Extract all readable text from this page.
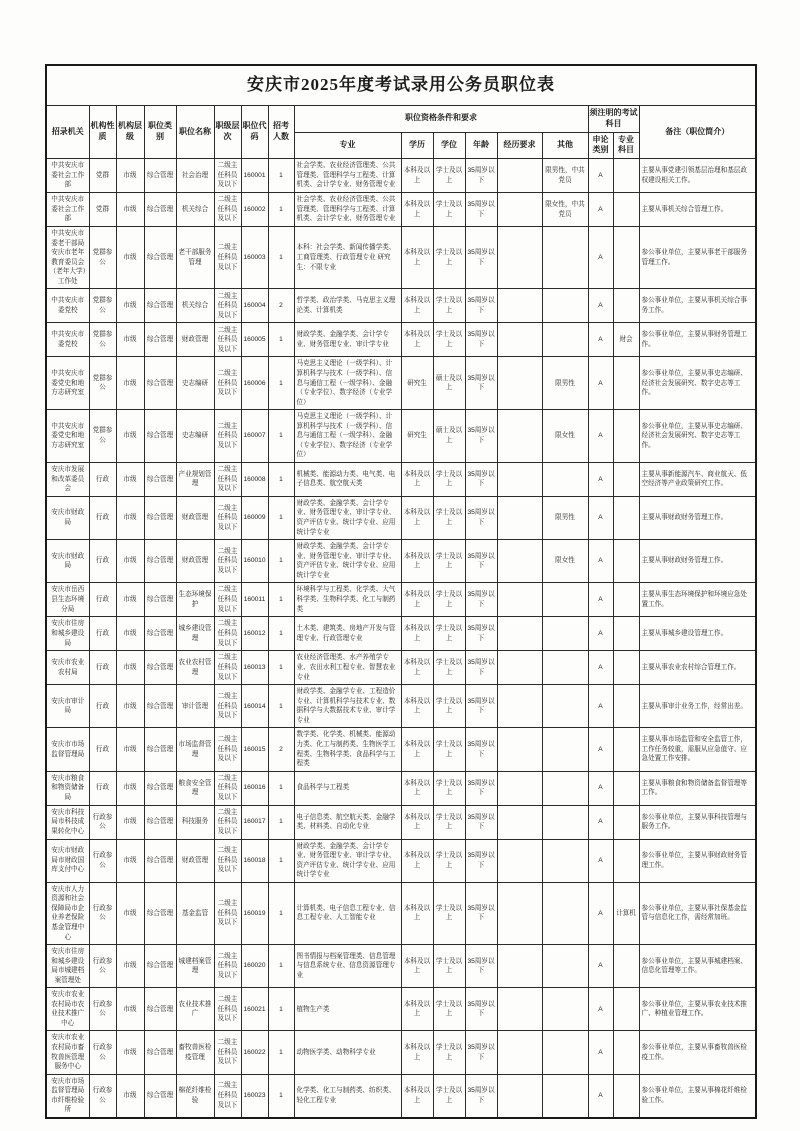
安庆市2025年度考试录用公务员职位表																
招录机关	机构性质	机构层级	职位类别	职位名称	职级层次	职位代码	招考人数	职位资格条件和要求						须注明的考试科目		备注（职位简介）
								专业	学历	学位	年龄	经历要求	其他	申论类别	专业科目	
中共安庆市委社会工作部	党群	市级	综合管理	社会治理	二级主任科员及以下	160001	1	社会学类、农业经济管理类、公共管理类、管理科学与工程类、计算机类、会计学专业、财务管理专业	本科及以上	学士及以上	35周岁以下		限男性，中共党员	A		主要从事党建引领基层治理和基层政权建设相关工作。
中共安庆市委社会工作部	党群	市级	综合管理	机关综合	二级主任科员及以下	160002	1	社会学类、农业经济管理类、公共管理类、管理科学与工程类、计算机类、会计学专业、财务管理专业	本科及以上	学士及以上	35周岁以下		限女性，中共党员	A		主要从事机关综合管理工作。
中共安庆市委老干部局安庆市老年教育委员会（老年大学）工作处	党群参公	市级	综合管理	老干部服务管理	二级主任科员及以下	160003	1	本科：社会学类、新闻传播学类、工商管理类、行政管理专业 研究生：不限专业	本科及以上	学士及以上	35周岁以下			A		参公事业单位，主要从事老干部服务管理工作。
中共安庆市委党校	党群参公	市级	综合管理	机关综合	二级主任科员及以下	160004	2	哲学类、政治学类、马克思主义理论类、计算机类	本科及以上	学士及以上	35周岁以下			A		参公事业单位，主要从事机关综合事务工作。
中共安庆市委党校	党群参公	市级	综合管理	财政管理	二级主任科员及以下	160005	1	财政学类、金融学类、会计学专业、财务管理专业、审计学专业	本科及以上	学士及以上	35周岁以下			A	财会	参公事业单位，主要从事财务管理工作。
中共安庆市委党史和地方志研究室	党群参公	市级	综合管理	史志编研	二级主任科员及以下	160006	1	马克思主义理论（一级学科）、计算机科学与技术（一级学科）、信息与通信工程（一级学科）、金融（专业学位）、数字经济（专业学位）	研究生	硕士及以上	35周岁以下		限男性	A		参公事业单位，主要从事史志编研、经济社会发展研究、数字史志等工作。
中共安庆市委党史和地方志研究室	党群参公	市级	综合管理	史志编研	二级主任科员及以下	160007	1	马克思主义理论（一级学科）、计算机科学与技术（一级学科）、信息与通信工程（一级学科）、金融（专业学位）、数字经济（专业学位）	研究生	硕士及以上	35周岁以下		限女性	A		参公事业单位，主要从事史志编研、经济社会发展研究、数字史志等工作。
安庆市发展和改革委员会	行政	市级	综合管理	产业规划管理	二级主任科员及以下	160008	1	机械类、能源动力类、电气类、电子信息类、航空航天类	本科及以上	学士及以上	35周岁以下			A		主要从事新能源汽车、商业航天、低空经济等产业政策研究工作。
安庆市财政局	行政	市级	综合管理	财政管理	二级主任科员及以下	160009	1	财政学类、金融学类、会计学专业、财务管理专业、审计学专业、资产评估专业、统计学专业、应用统计学专业	本科及以上	学士及以上	35周岁以下		限男性	A		主要从事财政财务管理工作。
安庆市财政局	行政	市级	综合管理	财政管理	二级主任科员及以下	160010	1	财政学类、金融学类、会计学专业、财务管理专业、审计学专业、资产评估专业、统计学专业、应用统计学专业	本科及以上	学士及以上	35周岁以下		限女性	A		主要从事财政财务管理工作。
安庆市岳西县生态环境分局	行政	市级	综合管理	生态环境保护	二级主任科员及以下	160011	1	环境科学与工程类、化学类、大气科学类、生物科学类、化工与制药类	本科及以上	学士及以上	35周岁以下			A		主要从事生态环境保护和环境应急处置工作。
安庆市住房和城乡建设局	行政	市级	综合管理	城乡建设管理	二级主任科员及以下	160012	1	土木类、建筑类、房地产开发与管理专业、行政管理专业	本科及以上	学士及以上	35周岁以下			A		主要从事城乡建设管理工作。
安庆市农业农村局	行政	市级	综合管理	农业农村管理	二级主任科员及以下	160013	1	农业经济管理类、水产养殖学专业、农田水利工程专业、智慧农业专业	本科及以上	学士及以上	35周岁以下			A		主要从事农业农村综合管理工作。
安庆市审计局	行政	市级	综合管理	审计管理	二级主任科员及以下	160014	1	财政学类、金融学专业、工程造价专业、计算机科学与技术专业、数据科学与大数据技术专业、审计学专业	本科及以上	学士及以上	35周岁以下			A		主要从事审计业务工作，经常出差。
安庆市市场监督管理局	行政	市级	综合管理	市场监督管理	二级主任科员及以下	160015	2	数学类、化学类、机械类、能源动力类、化工与制药类、生物医学工程类、生物科学类、食品科学与工程类	本科及以上	学士及以上	35周岁以下			A		主要从事市场监管和安全监管工作，工作任务较重，需服从应急值守、应急处置工作安排。
安庆市粮食和物资储备局	行政	市级	综合管理	粮食安全管理	二级主任科员及以下	160016	1	食品科学与工程类	本科及以上	学士及以上	35周岁以下			A		主要从事粮食和物资储备监督管理等工作。
安庆市科技局市科技成果转化中心	行政参公	市级	综合管理	科技服务	二级主任科员及以下	160017	1	电子信息类、航空航天类、金融学类、材料类、自动化专业	本科及以上	学士及以上	35周岁以下			A		参公事业单位，主要从事科技管理与服务工作。
安庆市财政局市财政国库支付中心	行政参公	市级	综合管理	财政管理	二级主任科员及以下	160018	1	财政学类、金融学类、会计学专业、财务管理专业、审计学专业、资产评估专业、统计学专业、应用统计学专业	本科及以上	学士及以上	35周岁以下			A		参公事业单位，主要从事财政财务管理工作。
安庆市人力资源和社会保障局市企业养老保险基金管理中心	行政参公	市级	综合管理	基金监管	二级主任科员及以下	160019	1	计算机类、电子信息工程专业、信息工程专业、人工智能专业	本科及以上	学士及以上	35周岁以下			A	计算机	参公事业单位，主要从事社保基金监管与信息化工作，需经常加班。
安庆市住房和城乡建设局市城建档案管理处	行政参公	市级	综合管理	城建档案管理	二级主任科员及以下	160020	1	图书情报与档案管理类、信息管理与信息系统专业、信息资源管理专业	本科及以上	学士及以上	35周岁以下			A		参公事业单位，主要从事城建档案、信息化管理等工作。
安庆市农业农村局市农业技术推广中心	行政参公	市级	综合管理	农业技术推广	二级主任科员及以下	160021	1	植物生产类	本科及以上	学士及以上	35周岁以下			A		参公事业单位，主要从事农业技术推广、种植业管理工作。
安庆市农业农村局市畜牧兽医管理服务中心	行政参公	市级	综合管理	畜牧兽医检疫管理	二级主任科员及以下	160022	1	动物医学类、动物科学专业	本科及以上	学士及以上	35周岁以下			A		参公事业单位，主要从事畜牧兽医检疫工作。
安庆市市场监督管理局市纤维检验所	行政参公	市级	综合管理	棉花纤维检验	二级主任科员及以下	160023	1	化学类、化工与制药类、纺织类、轻化工程专业	本科及以上	学士及以上	35周岁以下			A		参公事业单位，主要从事棉花纤维检验工作。
